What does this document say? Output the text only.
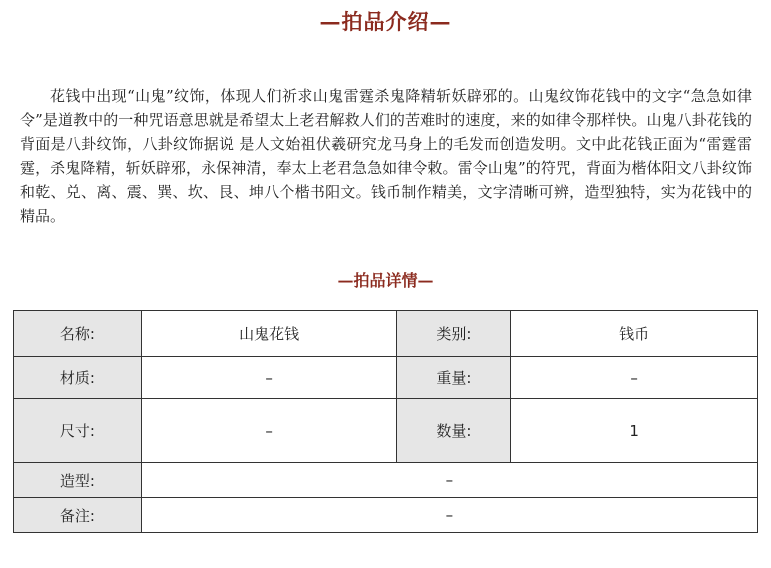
—拍品介绍—

花钱中出现“山鬼”纹饰，体现人们祈求山鬼雷霆杀鬼降精斩妖辟邪的。山鬼纹饰花钱中的文字“急急如律令”是道教中的一种咒语意思就是希望太上老君解救人们的苦难时的速度，来的如律令那样快。山鬼八卦花钱的背面是八卦纹饰，八卦纹饰据说 是人文始祖伏羲研究龙马身上的毛发而创造发明。文中此花钱正面为“雷霆雷霆，杀鬼降精，斩妖辟邪，永保神清，奉太上老君急急如律令敕。雷令山鬼”的符咒，背面为楷体阳文八卦纹饰和乾、兑、离、震、巽、坎、艮、坤八个楷书阳文。钱币制作精美，文字清晰可辨，造型独特，实为花钱中的精品。

—拍品详情—
名称:	山鬼花钱	类别:	钱币
材质:	–	重量:	–
尺寸:	–	数量:	1
造型:	–		
备注:	–		
